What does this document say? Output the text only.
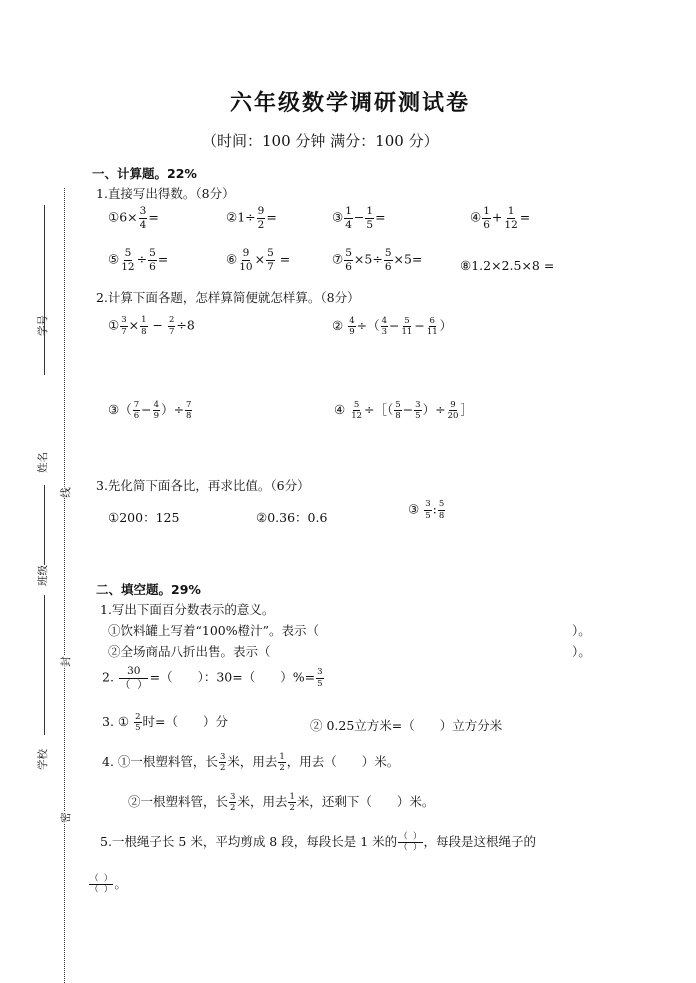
学号
姓名
班级
学校
线
封
密
六年级数学调研测试卷
（时间：100 分钟 满分：100 分）
一、计算题。22%
1.直接写出得数。（8分）
①6× $\frac{3}{4}$ =	②1÷ $\frac{9}{2}$ =	③ $\frac{1}{4} - \frac{1}{5}$ =	④ $\frac{1}{6} + \frac{1}{12}$ =
⑤ $\frac{5}{12} \div \frac{5}{6}$ =	⑥ $\frac{9}{10} \times \frac{5}{7}$ =	⑦ $\frac{5}{6} \times 5\div \frac{5}{6} \times 5=$	⑧1.2×2.5×8 =
2.计算下面各题，怎样算简便就怎样算。（8分）
① $\frac{3}{7} \times \frac{1}{8} - \frac{2}{7} \div 8$	② $\frac{4}{9}$ ÷（ $\frac{4}{3} - \frac{5}{11} - \frac{6}{11}$ ）
③（ $\frac{7}{6} - \frac{4}{9}$ ）÷ $\frac{7}{8}$	④ $\frac{5}{12}$ ÷［（ $\frac{5}{8} - \frac{3}{5}$ ）÷ $\frac{9}{20}$ ］
3.先化简下面各比，再求比值。（6分）
①200：125	②0.36：0.6
③ $\frac{3}{5}$ : $\frac{5}{8}$
二、填空题。29%
1.写出下面百分数表示的意义。
①饮料罐上写着“100%橙汁”。表示（	）。
②全场商品八折出售。表示（	）。
2. $\frac{30}{( )}$ =（　　）：30=（　　）%= $\frac{3}{5}$
3. ① $\frac{2}{5}$ 时=（　　）分	② 0.25立方米=（　　）立方分米
4. ①一根塑料管，长 $\frac{3}{2}$ 米，用去 $\frac{1}{2}$ ，用去（　　）米。
②一根塑料管，长 $\frac{3}{2}$ 米，用去 $\frac{1}{2}$ 米，还剩下（　　）米。
5.一根绳子长 5 米，平均剪成 8 段，每段长是 1 米的 $\frac{( )}{( )}$ ，每段是这根绳子的
$\frac{( )}{( )}$ 。
